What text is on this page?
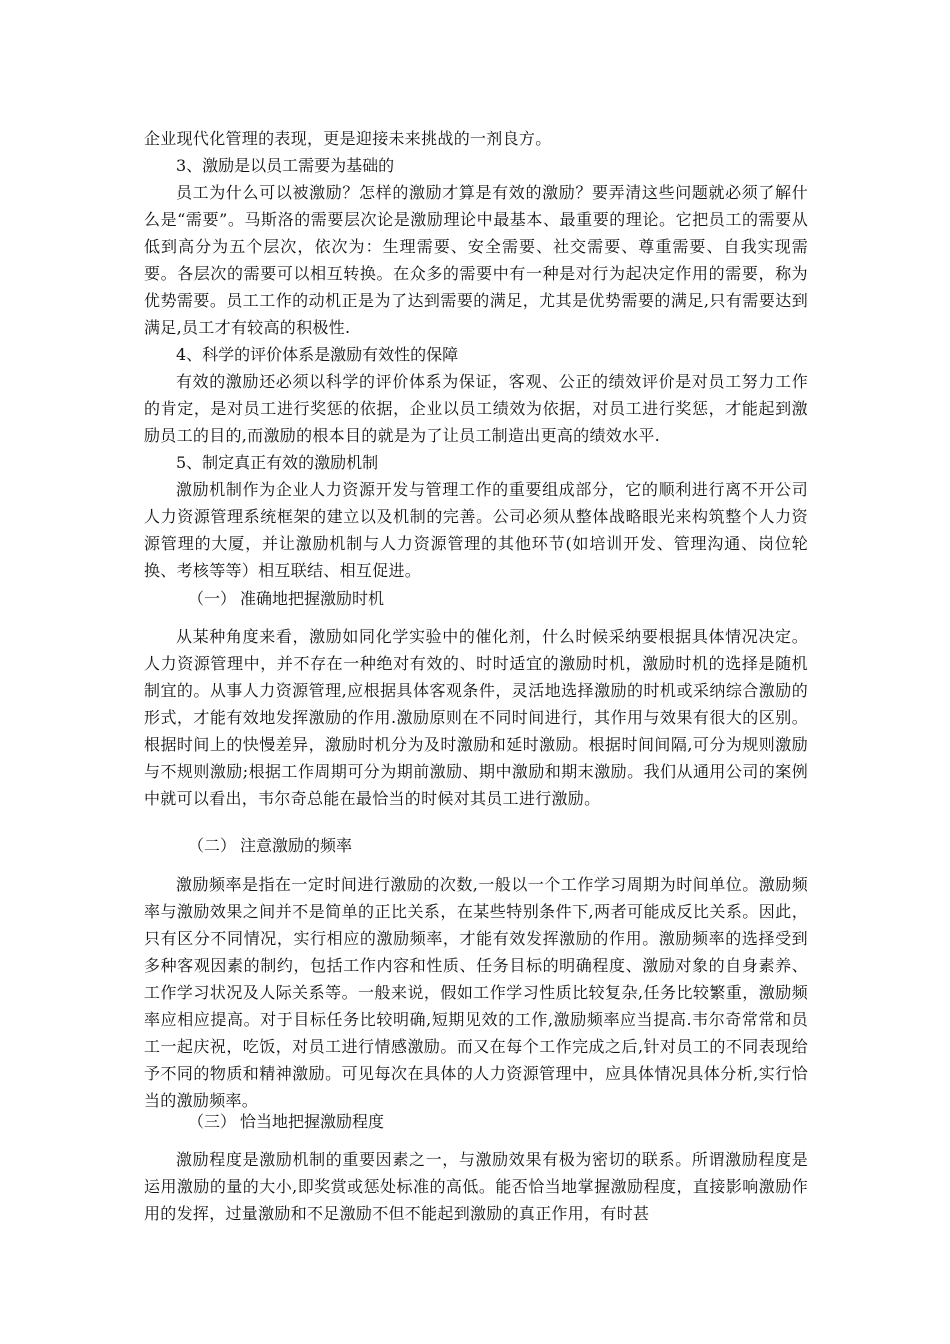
企业现代化管理的表现，更是迎接未来挑战的一剂良方。

3、激励是以员工需要为基础的

员工为什么可以被激励？怎样的激励才算是有效的激励？要弄清这些问题就必须了解什么是“需要”。马斯洛的需要层次论是激励理论中最基本、最重要的理论。它把员工的需要从低到高分为五个层次，依次为：生理需要、安全需要、社交需要、尊重需要、自我实现需要。各层次的需要可以相互转换。在众多的需要中有一种是对行为起决定作用的需要，称为优势需要。员工工作的动机正是为了达到需要的满足，尤其是优势需要的满足,只有需要达到满足,员工才有较高的积极性.

4、科学的评价体系是激励有效性的保障

有效的激励还必须以科学的评价体系为保证，客观、公正的绩效评价是对员工努力工作的肯定，是对员工进行奖惩的依据，企业以员工绩效为依据，对员工进行奖惩，才能起到激励员工的目的,而激励的根本目的就是为了让员工制造出更高的绩效水平.

5、制定真正有效的激励机制

激励机制作为企业人力资源开发与管理工作的重要组成部分，它的顺利进行离不开公司人力资源管理系统框架的建立以及机制的完善。公司必须从整体战略眼光来构筑整个人力资源管理的大厦，并让激励机制与人力资源管理的其他环节(如培训开发、管理沟通、岗位轮换、考核等等）相互联结、相互促进。

（一） 准确地把握激励时机

从某种角度来看，激励如同化学实验中的催化剂，什么时候采纳要根据具体情况决定。人力资源管理中，并不存在一种绝对有效的、时时适宜的激励时机，激励时机的选择是随机制宜的。从事人力资源管理,应根据具体客观条件，灵活地选择激励的时机或采纳综合激励的形式，才能有效地发挥激励的作用.激励原则在不同时间进行，其作用与效果有很大的区别。根据时间上的快慢差异，激励时机分为及时激励和延时激励。根据时间间隔,可分为规则激励与不规则激励;根据工作周期可分为期前激励、期中激励和期末激励。我们从通用公司的案例中就可以看出，韦尔奇总能在最恰当的时候对其员工进行激励。

（二） 注意激励的频率

激励频率是指在一定时间进行激励的次数,一般以一个工作学习周期为时间单位。激励频率与激励效果之间并不是简单的正比关系，在某些特别条件下,两者可能成反比关系。因此，只有区分不同情况，实行相应的激励频率，才能有效发挥激励的作用。激励频率的选择受到多种客观因素的制约，包括工作内容和性质、任务目标的明确程度、激励对象的自身素养、工作学习状况及人际关系等。一般来说，假如工作学习性质比较复杂,任务比较繁重，激励频率应相应提高。对于目标任务比较明确,短期见效的工作,激励频率应当提高.韦尔奇常常和员工一起庆祝，吃饭，对员工进行情感激励。而又在每个工作完成之后,针对员工的不同表现给予不同的物质和精神激励。可见每次在具体的人力资源管理中，应具体情况具体分析,实行恰当的激励频率。

（三） 恰当地把握激励程度

激励程度是激励机制的重要因素之一，与激励效果有极为密切的联系。所谓激励程度是运用激励的量的大小,即奖赏或惩处标准的高低。能否恰当地掌握激励程度，直接影响激励作用的发挥，过量激励和不足激励不但不能起到激励的真正作用，有时甚
